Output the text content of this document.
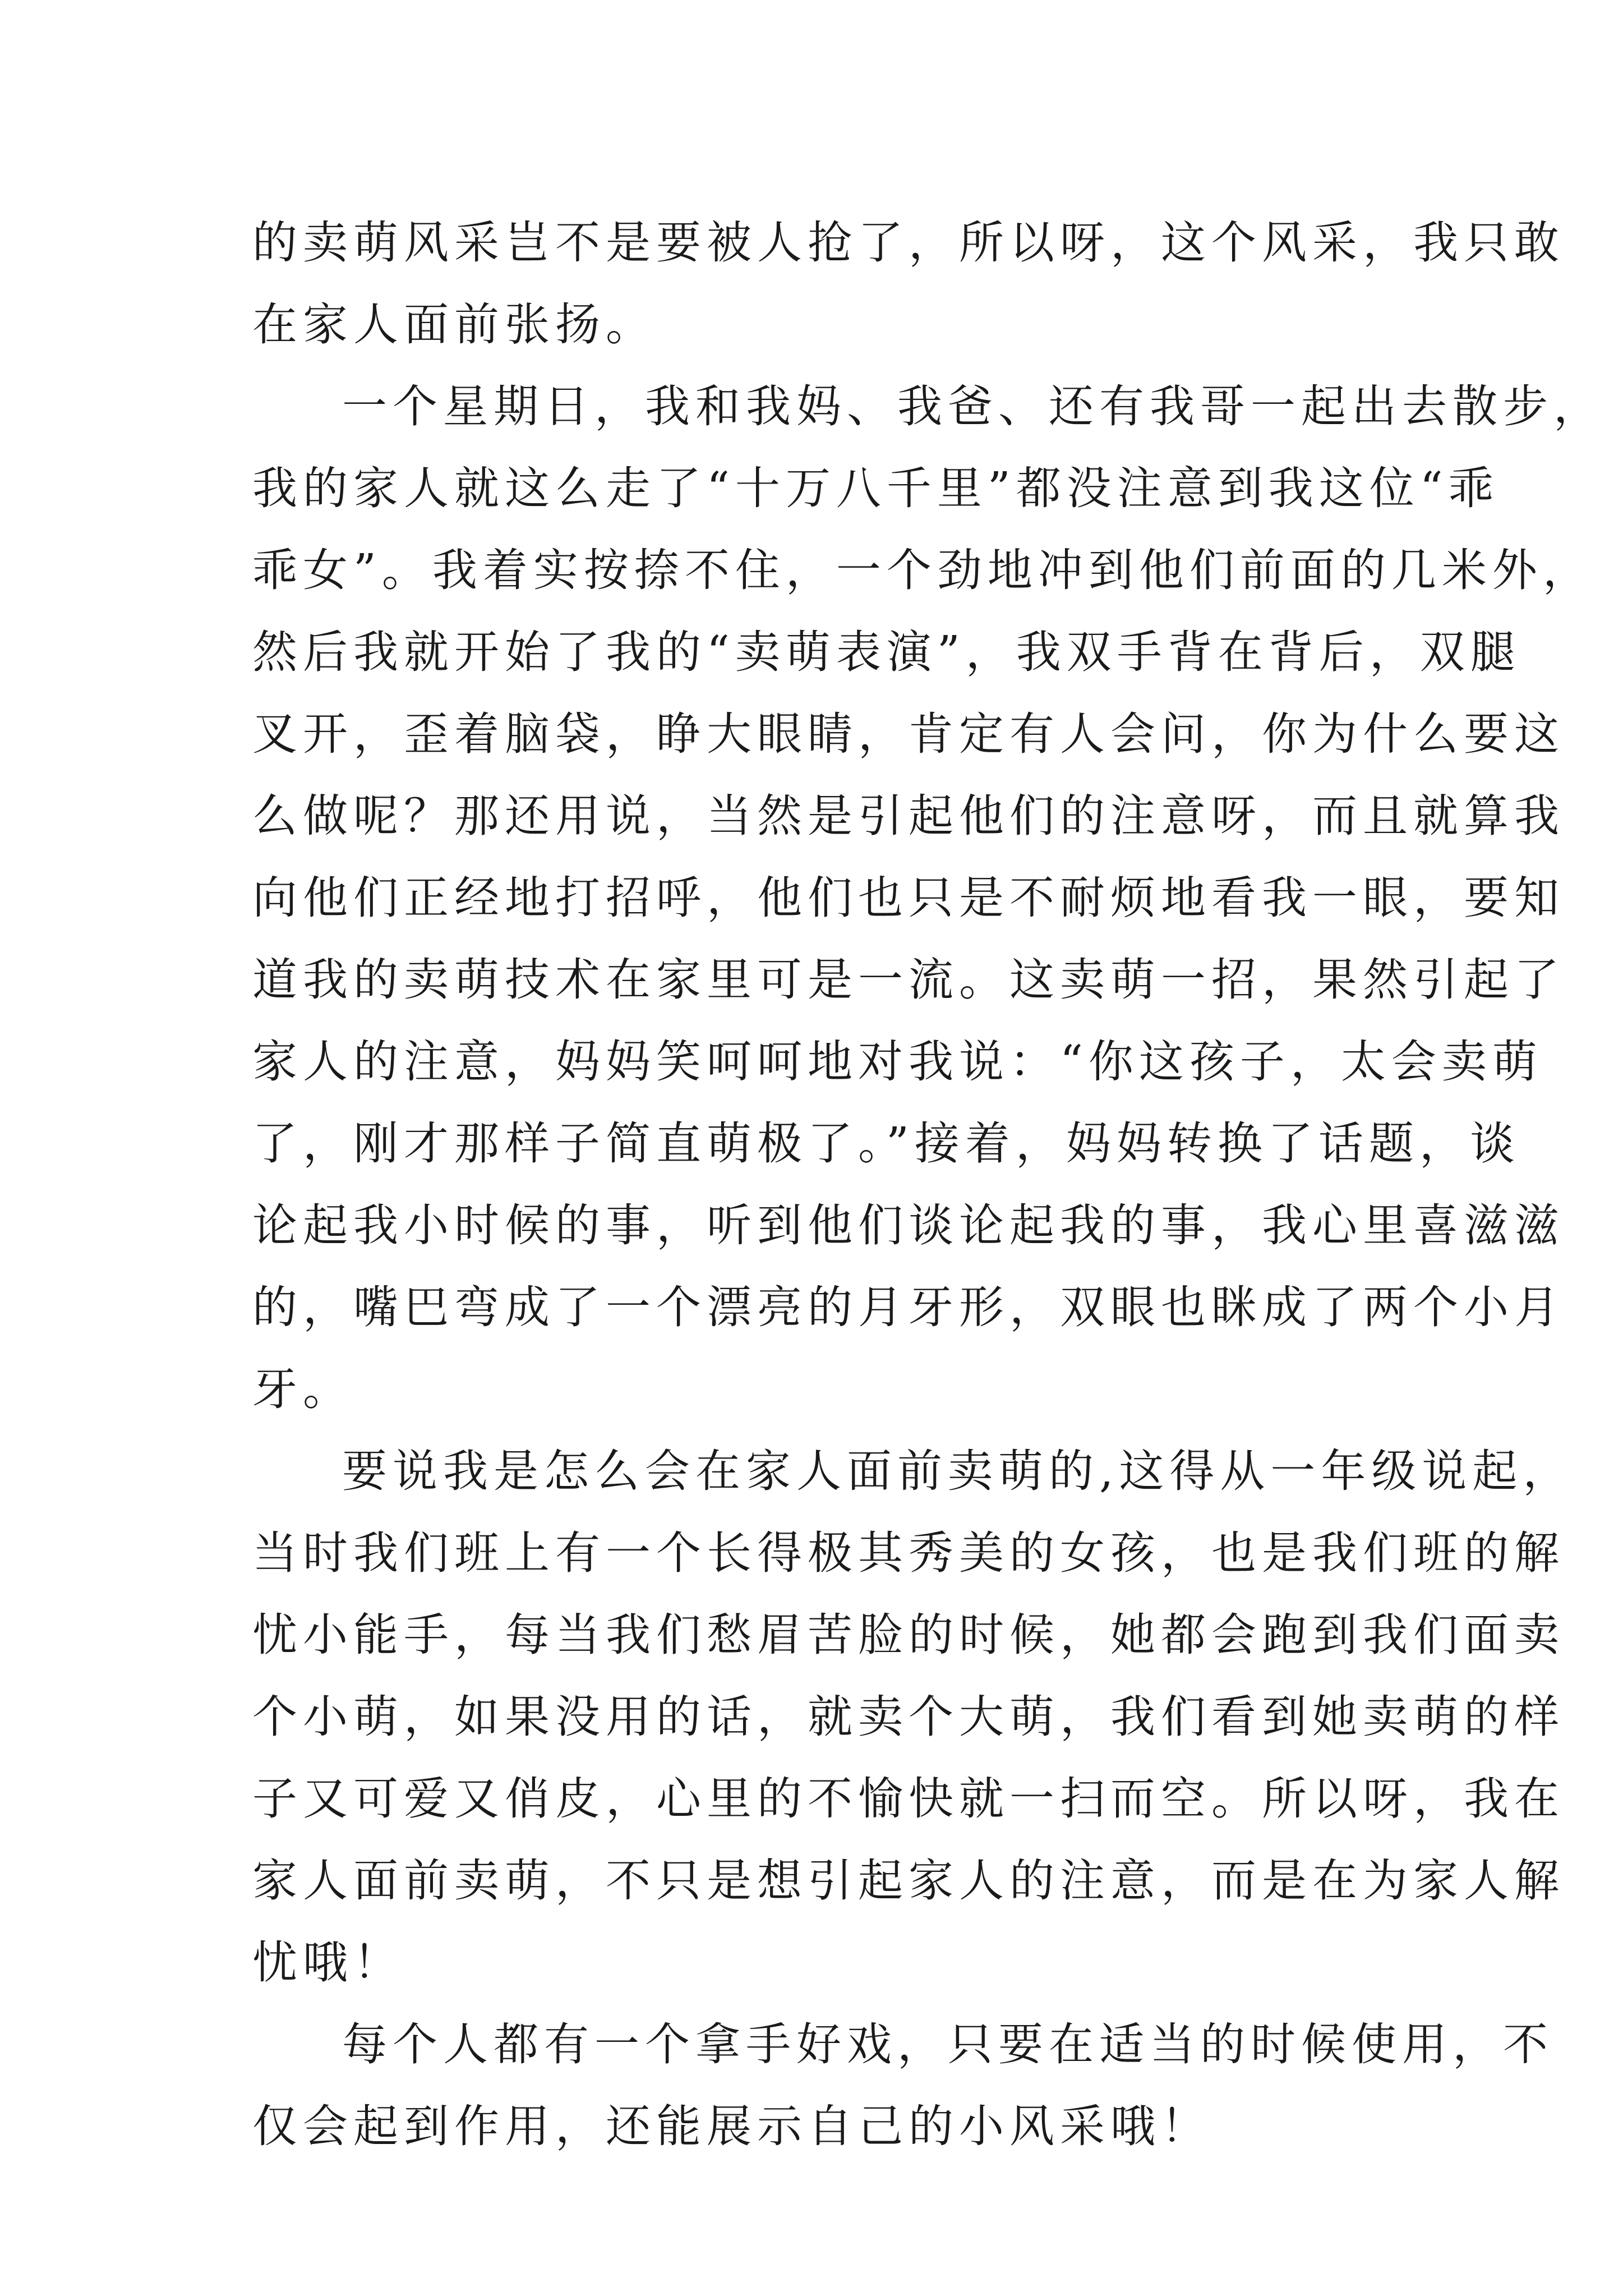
的卖萌风采岂不是要被人抢了，所以呀，这个风采，我只敢
在家人面前张扬。
一个星期日，我和我妈、我爸、还有我哥一起出去散步，
我的家人就这么走了“十万八千里”都没注意到我这位“乖
乖女”。我着实按捺不住，一个劲地冲到他们前面的几米外，
然后我就开始了我的“卖萌表演”，我双手背在背后，双腿
叉开，歪着脑袋，睁大眼睛，肯定有人会问，你为什么要这
么做呢？那还用说，当然是引起他们的注意呀，而且就算我
向他们正经地打招呼，他们也只是不耐烦地看我一眼，要知
道我的卖萌技术在家里可是一流。这卖萌一招，果然引起了
家人的注意，妈妈笑呵呵地对我说：“你这孩子，太会卖萌
了，刚才那样子简直萌极了。”接着，妈妈转换了话题，谈
论起我小时候的事，听到他们谈论起我的事，我心里喜滋滋
的，嘴巴弯成了一个漂亮的月牙形，双眼也眯成了两个小月
牙。
要说我是怎么会在家人面前卖萌的,这得从一年级说起，
当时我们班上有一个长得极其秀美的女孩，也是我们班的解
忧小能手，每当我们愁眉苦脸的时候，她都会跑到我们面卖
个小萌，如果没用的话，就卖个大萌，我们看到她卖萌的样
子又可爱又俏皮，心里的不愉快就一扫而空。所以呀，我在
家人面前卖萌，不只是想引起家人的注意，而是在为家人解
忧哦！
每个人都有一个拿手好戏，只要在适当的时候使用，不
仅会起到作用，还能展示自己的小风采哦！
